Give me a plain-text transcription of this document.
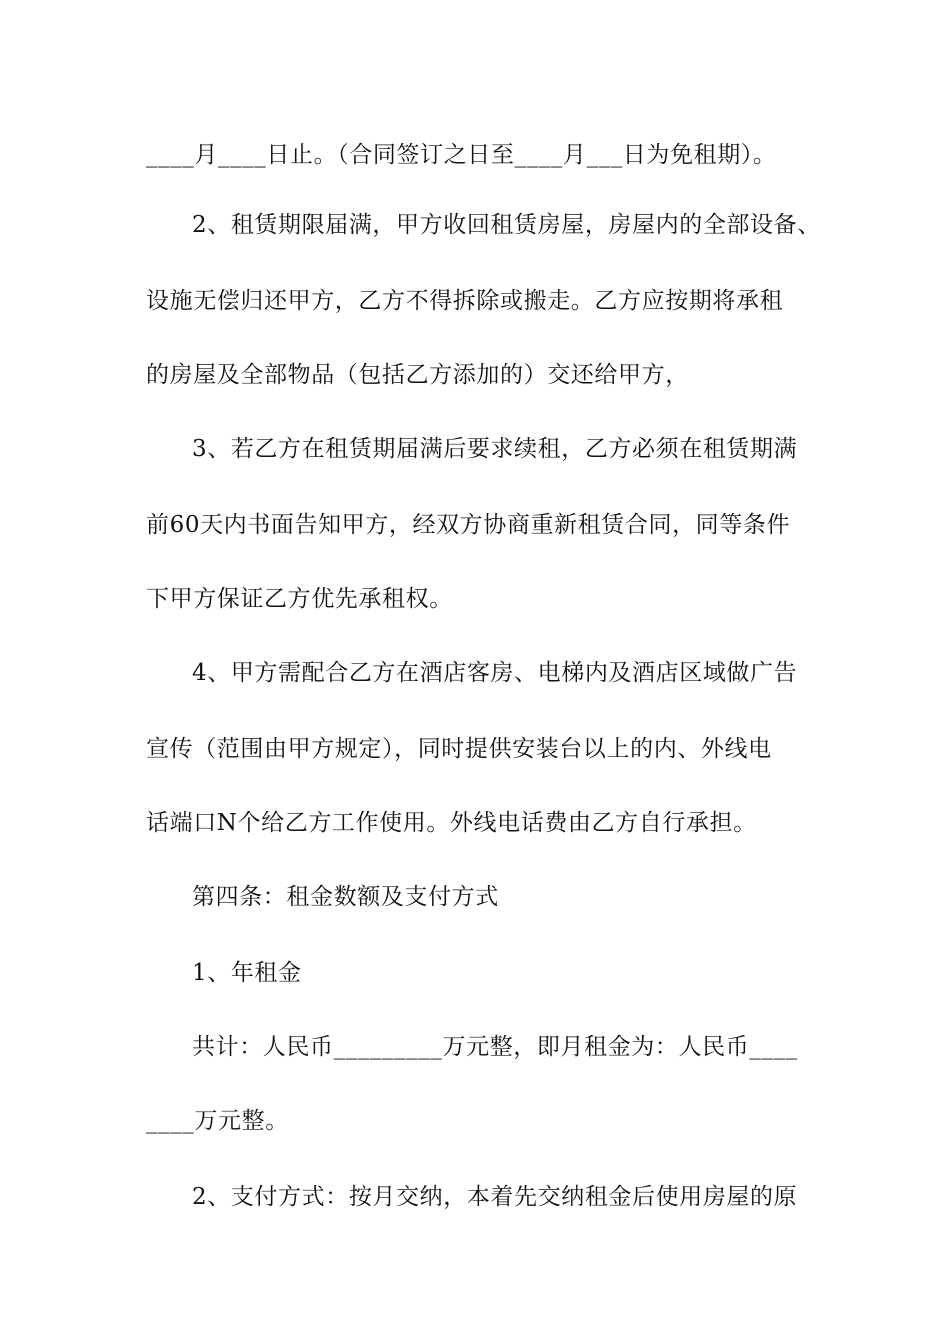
____月____日止。（合同签订之日至____月___日为免租期）。
2、租赁期限届满，甲方收回租赁房屋，房屋内的全部设备、
设施无偿归还甲方，乙方不得拆除或搬走。乙方应按期将承租
的房屋及全部物品（包括乙方添加的）交还给甲方，
3、若乙方在租赁期届满后要求续租，乙方必须在租赁期满
前60天内书面告知甲方，经双方协商重新租赁合同，同等条件
下甲方保证乙方优先承租权。
4、甲方需配合乙方在酒店客房、电梯内及酒店区域做广告
宣传（范围由甲方规定），同时提供安装台以上的内、外线电
话端口N个给乙方工作使用。外线电话费由乙方自行承担。
第四条：租金数额及支付方式
1、年租金
共计：人民币_________万元整，即月租金为：人民币____
____万元整。
2、支付方式：按月交纳，本着先交纳租金后使用房屋的原
